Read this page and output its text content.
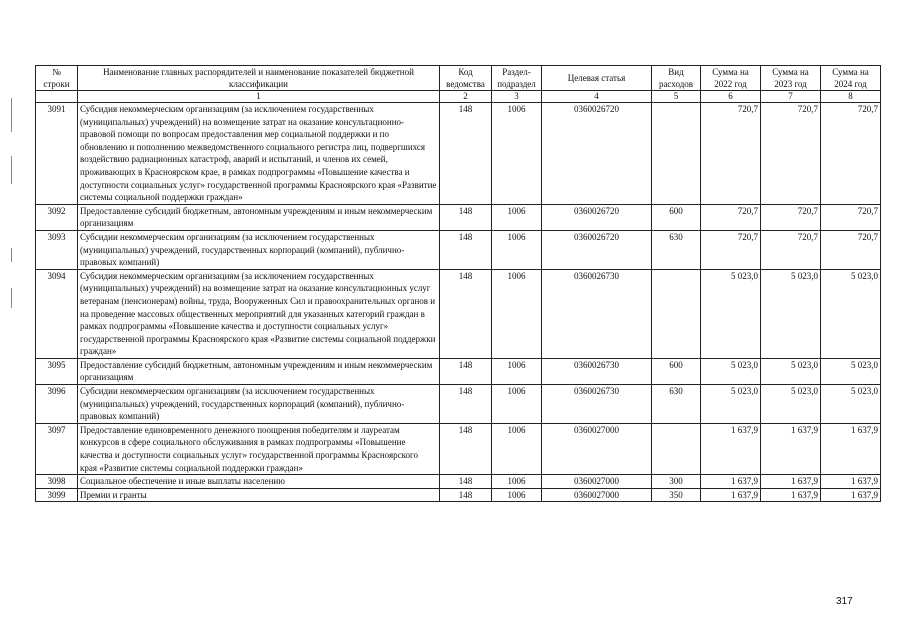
№ строки	Наименование главных распорядителей и наименование показателей бюджетной классификации	Код ведомства	Раздел-подраздел	Целевая статья	Вид расходов	Сумма на 2022 год	Сумма на 2023 год	Сумма на 2024 год
	1	2	3	4	5	6	7	8
3091	Субсидия некоммерческим организациям (за исключением государственных (муниципальных) учреждений) на возмещение затрат на оказание консультационно-правовой помощи по вопросам предоставления мер социальной поддержки и по обновлению и пополнению межведомственного социального регистра лиц, подвергшихся воздействию радиационных катастроф, аварий и испытаний, и членов их семей, проживающих в Красноярском крае, в рамках подпрограммы «Повышение качества и доступности социальных услуг» государственной программы Красноярского края «Развитие системы социальной поддержки граждан»	148	1006	0360026720		720,7	720,7	720,7
3092	Предоставление субсидий бюджетным, автономным учреждениям и иным некоммерческим организациям	148	1006	0360026720	600	720,7	720,7	720,7
3093	Субсидии некоммерческим организациям (за исключением государственных (муниципальных) учреждений, государственных корпораций (компаний), публично-правовых компаний)	148	1006	0360026720	630	720,7	720,7	720,7
3094	Субсидия некоммерческим организациям (за исключением государственных (муниципальных) учреждений) на возмещение затрат на оказание консультационных услуг ветеранам (пенсионерам) войны, труда, Вооруженных Сил и правоохранительных органов и на проведение массовых общественных мероприятий для указанных категорий граждан в рамках подпрограммы «Повышение качества и доступности социальных услуг» государственной программы Красноярского края «Развитие системы социальной поддержки граждан»	148	1006	0360026730		5 023,0	5 023,0	5 023,0
3095	Предоставление субсидий бюджетным, автономным учреждениям и иным некоммерческим организациям	148	1006	0360026730	600	5 023,0	5 023,0	5 023,0
3096	Субсидии некоммерческим организациям (за исключением государственных (муниципальных) учреждений, государственных корпораций (компаний), публично-правовых компаний)	148	1006	0360026730	630	5 023,0	5 023,0	5 023,0
3097	Предоставление единовременного денежного поощрения победителям и лауреатам конкурсов в сфере социального обслуживания в рамках подпрограммы «Повышение качества и доступности социальных услуг» государственной программы Красноярского края «Развитие системы социальной поддержки граждан»	148	1006	0360027000		1 637,9	1 637,9	1 637,9
3098	Социальное обеспечение и иные выплаты населению	148	1006	0360027000	300	1 637,9	1 637,9	1 637,9
3099	Премии и гранты	148	1006	0360027000	350	1 637,9	1 637,9	1 637,9
317
